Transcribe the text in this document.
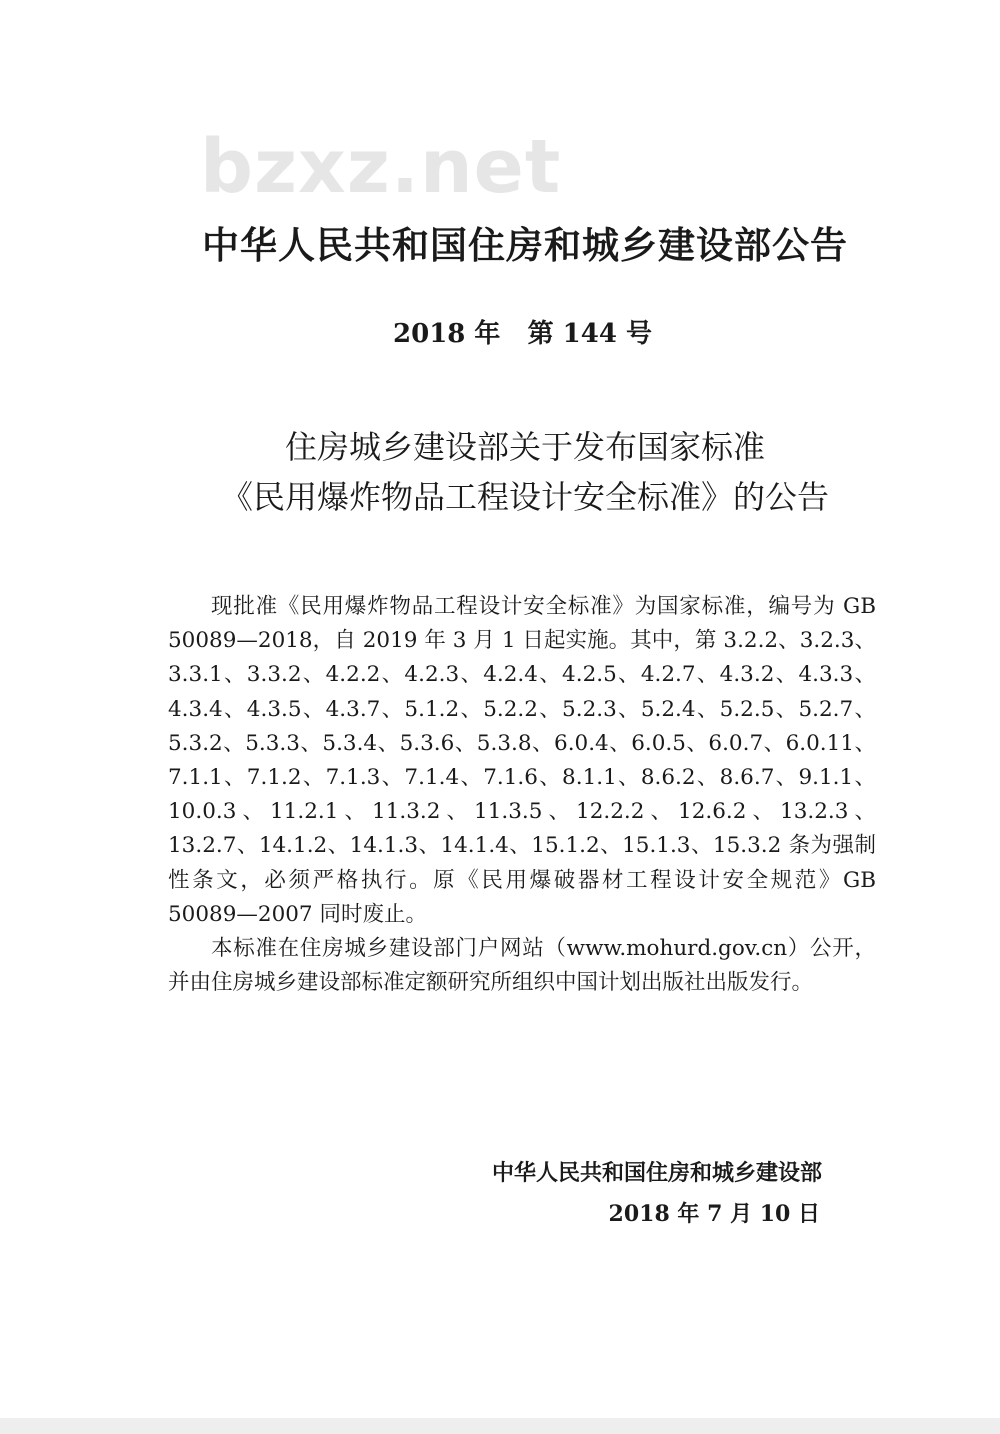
bzxz.net
中华人民共和国住房和城乡建设部公告
2018 年   第 144 号
住房城乡建设部关于发布国家标准
《民用爆炸物品工程设计安全标准》的公告

现批准《民用爆炸物品工程设计安全标准》为国家标准，编号为 GB 50089—2018，自 2019 年 3 月 1 日起实施。其中，第 3.2.2、3.2.3、3.3.1、3.3.2、4.2.2、4.2.3、4.2.4、4.2.5、4.2.7、4.3.2、4.3.3、4.3.4、4.3.5、4.3.7、5.1.2、5.2.2、5.2.3、5.2.4、5.2.5、5.2.7、5.3.2、5.3.3、5.3.4、5.3.6、5.3.8、6.0.4、6.0.5、6.0.7、6.0.11、7.1.1、7.1.2、7.1.3、7.1.4、7.1.6、8.1.1、8.6.2、8.6.7、9.1.1、10.0.3、11.2.1、11.3.2、11.3.5、12.2.2、12.6.2、13.2.3、13.2.7、14.1.2、14.1.3、14.1.4、15.1.2、15.1.3、15.3.2 条为强制性条文，必须严格执行。原《民用爆破器材工程设计安全规范》GB 50089—2007 同时废止。

本标准在住房城乡建设部门户网站（www.mohurd.gov.cn）公开，并由住房城乡建设部标准定额研究所组织中国计划出版社出版发行。

中华人民共和国住房和城乡建设部
2018 年 7 月 10 日
